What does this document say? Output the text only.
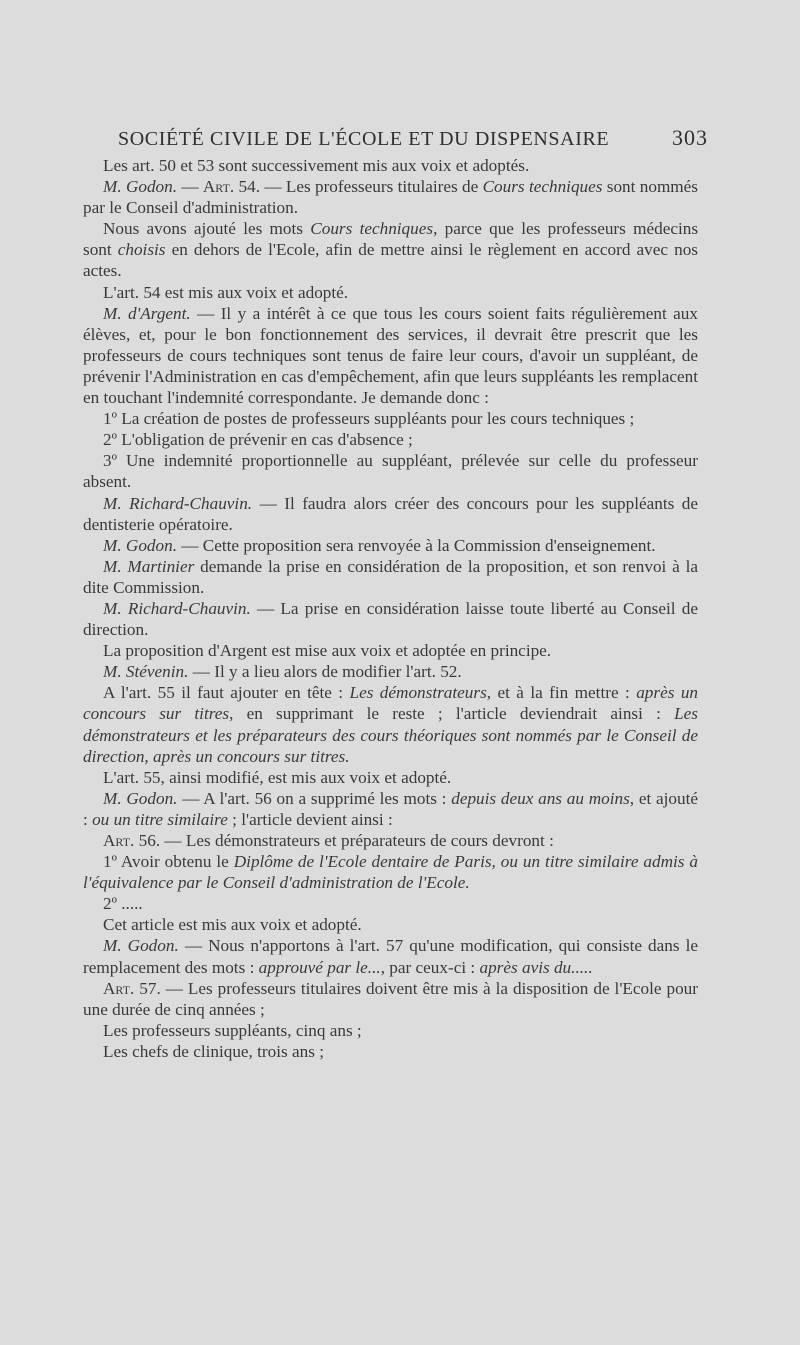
SOCIÉTÉ CIVILE DE L'ÉCOLE ET DU DISPENSAIRE	303

Les art. 50 et 53 sont successivement mis aux voix et adoptés.

M. Godon. — Art. 54. — Les professeurs titulaires de Cours techniques sont nommés par le Conseil d'administration.

Nous avons ajouté les mots Cours techniques, parce que les professeurs médecins sont choisis en dehors de l'Ecole, afin de mettre ainsi le règlement en accord avec nos actes.

L'art. 54 est mis aux voix et adopté.

M. d'Argent. — Il y a intérêt à ce que tous les cours soient faits régulièrement aux élèves, et, pour le bon fonctionnement des services, il devrait être prescrit que les professeurs de cours techniques sont tenus de faire leur cours, d'avoir un suppléant, de prévenir l'Administration en cas d'empêchement, afin que leurs suppléants les remplacent en touchant l'indemnité correspondante. Je demande donc :

1º La création de postes de professeurs suppléants pour les cours techniques ;

2º L'obligation de prévenir en cas d'absence ;

3º Une indemnité proportionnelle au suppléant, prélevée sur celle du professeur absent.

M. Richard-Chauvin. — Il faudra alors créer des concours pour les suppléants de dentisterie opératoire.

M. Godon. — Cette proposition sera renvoyée à la Commission d'enseignement.

M. Martinier demande la prise en considération de la proposition, et son renvoi à la dite Commission.

M. Richard-Chauvin. — La prise en considération laisse toute liberté au Conseil de direction.

La proposition d'Argent est mise aux voix et adoptée en principe.

M. Stévenin. — Il y a lieu alors de modifier l'art. 52.

A l'art. 55 il faut ajouter en tête : Les démonstrateurs, et à la fin mettre : après un concours sur titres, en supprimant le reste ; l'article deviendrait ainsi : Les démonstrateurs et les préparateurs des cours théoriques sont nommés par le Conseil de direction, après un concours sur titres.

L'art. 55, ainsi modifié, est mis aux voix et adopté.

M. Godon. — A l'art. 56 on a supprimé les mots : depuis deux ans au moins, et ajouté : ou un titre similaire ; l'article devient ainsi :

Art. 56. — Les démonstrateurs et préparateurs de cours devront :

1º Avoir obtenu le Diplôme de l'Ecole dentaire de Paris, ou un titre similaire admis à l'équivalence par le Conseil d'administration de l'Ecole.

2º .....

Cet article est mis aux voix et adopté.

M. Godon. — Nous n'apportons à l'art. 57 qu'une modification, qui consiste dans le remplacement des mots : approuvé par le..., par ceux-ci : après avis du.....

Art. 57. — Les professeurs titulaires doivent être mis à la disposition de l'Ecole pour une durée de cinq années ;

Les professeurs suppléants, cinq ans ;

Les chefs de clinique, trois ans ;
